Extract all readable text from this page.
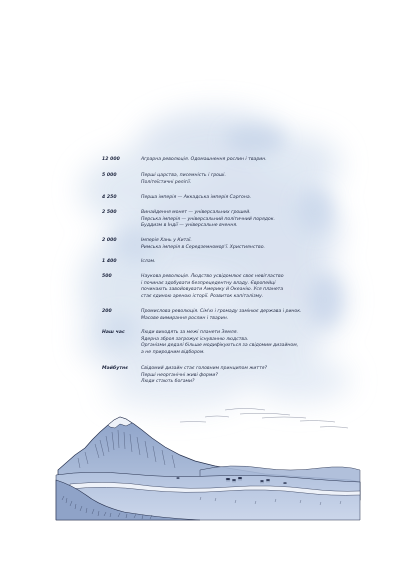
12 000	Аграрна революція. Одомашнення рослин і тварин.
5 000	Перші царства, писемність і гроші.
Політеїстичні релігії.
4 250	Перша імперія — Аккадська імперія Саргона.
2 500	Винайдення монет — універсальних грошей.
Перська імперія — універсальний політичний порядок.
Буддизм в Індії — універсальне вчення.
2 000	Імперія Хань у Китаї.
Римська імперія в Середземномор'ї. Християнство.
1 400	Іслам.
500	Наукова революція. Людство усвідомлює своє невігластво
і починає здобувати безпрецедентну владу. Європейці
починають завойовувати Америку й Океанію. Уся планета
стає єдиною ареною історії. Розвиток капіталізму.
200	Промислова революція. Сім'ю і громаду замінює держава і ринок.
Масове вимирання рослин і тварин.
Наш час	Люди виходять за межі планети Земля.
Ядерна зброя загрожує існуванню людства.
Організми дедалі більше модифікуються за свідомим дизайном,
а не природним відбором.
Майбутнє	Свідомий дизайн стає головним принципом життя?
Перші неорганічні живі форми?
Люди стають богами?
